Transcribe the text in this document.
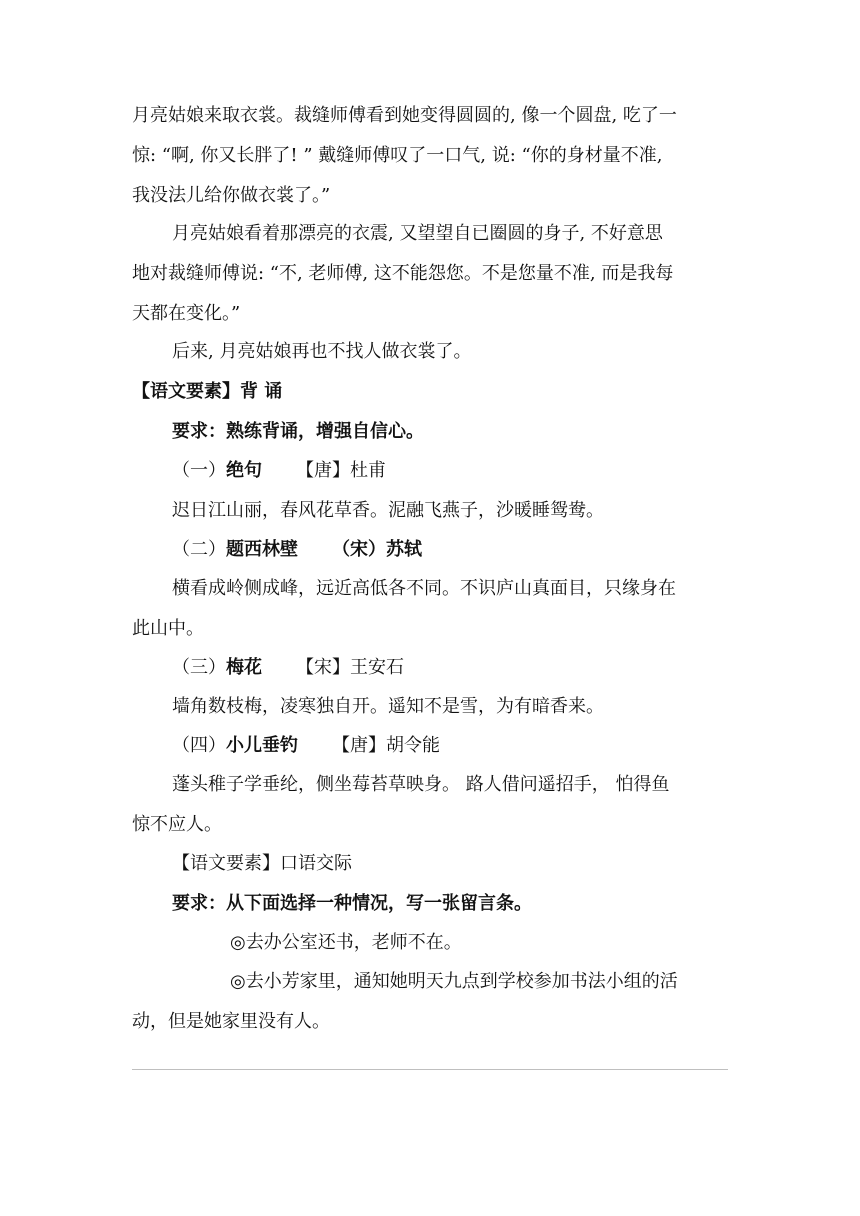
月亮姑娘来取衣裳。裁缝师傅看到她变得圆圆的, 像一个圆盘, 吃了一
惊: “啊, 你又长胖了! ” 戴缝师傅叹了一口气, 说: “你的身材量不准,
我没法儿给你做衣裳了。”
月亮姑娘看着那漂亮的衣震, 又望望自已圈圆的身子, 不好意思
地对裁缝师傅说: “不, 老师傅, 这不能怨您。不是您量不准, 而是我每
天都在变化。”
后来, 月亮姑娘再也不找人做衣裳了。
【语文要素】背 诵
要求：熟练背诵，增强自信心。
（一）绝句 【唐】杜甫
迟日江山丽，春风花草香。泥融飞燕子，沙暖睡鸳鸯。
（二）题西林壁 （宋）苏轼
横看成岭侧成峰，远近高低各不同。不识庐山真面目，只缘身在
此山中。
（三）梅花 【宋】王安石
墙角数枝梅，凌寒独自开。遥知不是雪，为有暗香来。
（四）小儿垂钓 【唐】胡令能
蓬头稚子学垂纶，侧坐莓苔草映身。 路人借问遥招手， 怕得鱼
惊不应人。
【语文要素】口语交际
要求：从下面选择一种情况，写一张留言条。
◎去办公室还书，老师不在。
◎去小芳家里，通知她明天九点到学校参加书法小组的活
动，但是她家里没有人。
